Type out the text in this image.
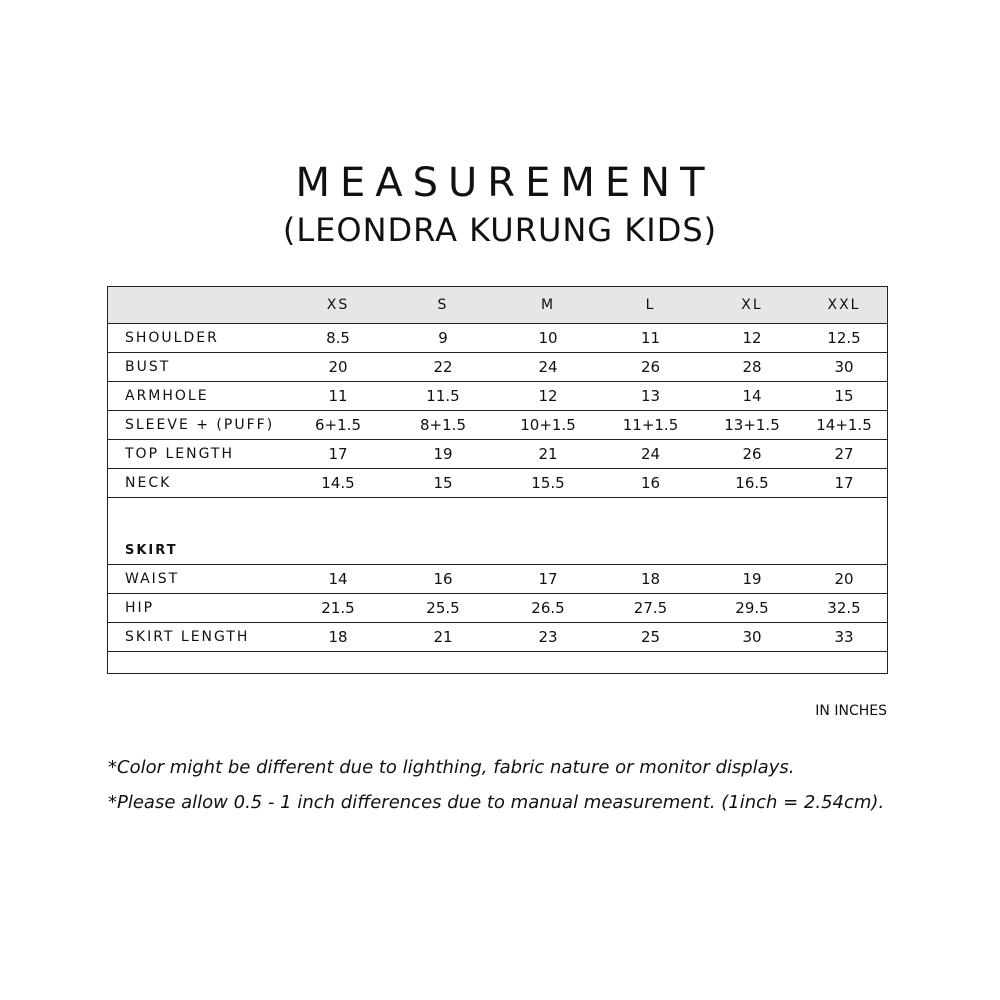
MEASUREMENT
(LEONDRA KURUNG KIDS)
	XS	S	M	L	XL	XXL
SHOULDER	8.5	9	10	11	12	12.5
BUST	20	22	24	26	28	30
ARMHOLE	11	11.5	12	13	14	15
SLEEVE + (PUFF)	6+1.5	8+1.5	10+1.5	11+1.5	13+1.5	14+1.5
TOP LENGTH	17	19	21	24	26	27
NECK	14.5	15	15.5	16	16.5	17
SKIRT						
WAIST	14	16	17	18	19	20
HIP	21.5	25.5	26.5	27.5	29.5	32.5
SKIRT LENGTH	18	21	23	25	30	33

IN INCHES
*Color might be different due to lighthing, fabric nature or monitor displays.
*Please allow 0.5 - 1 inch differences due to manual measurement. (1inch = 2.54cm).
